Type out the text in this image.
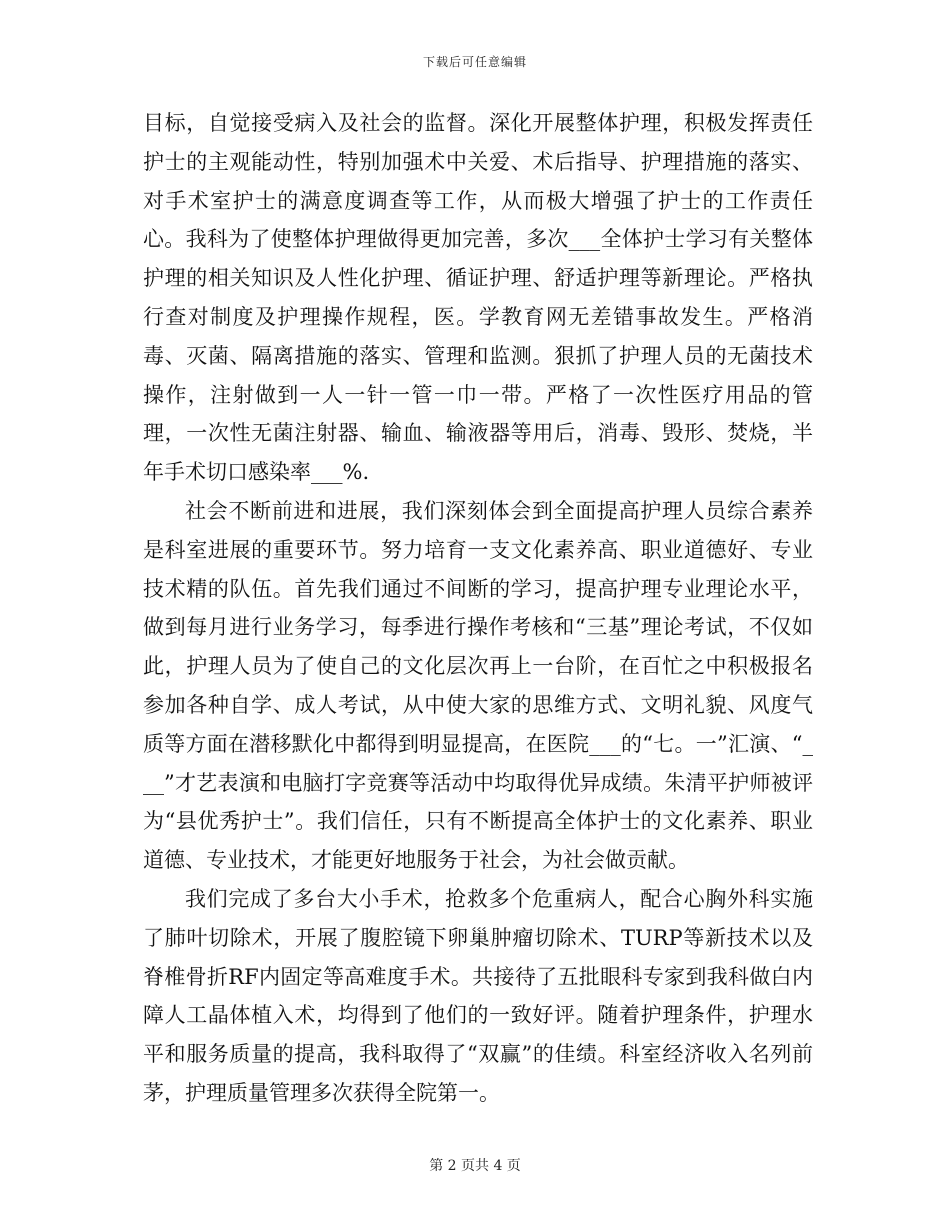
下载后可任意编辑

目标，自觉接受病入及社会的监督。深化开展整体护理，积极发挥责任护士的主观能动性，特别加强术中关爱、术后指导、护理措施的落实、对手术室护士的满意度调查等工作，从而极大增强了护士的工作责任心。我科为了使整体护理做得更加完善，多次___全体护士学习有关整体护理的相关知识及人性化护理、循证护理、舒适护理等新理论。严格执行查对制度及护理操作规程，医。学教育网无差错事故发生。严格消毒、灭菌、隔离措施的落实、管理和监测。狠抓了护理人员的无菌技术操作，注射做到一人一针一管一巾一带。严格了一次性医疗用品的管理，一次性无菌注射器、输血、输液器等用后，消毒、毁形、焚烧，半年手术切口感染率___%.

社会不断前进和进展，我们深刻体会到全面提高护理人员综合素养是科室进展的重要环节。努力培育一支文化素养高、职业道德好、专业技术精的队伍。首先我们通过不间断的学习，提高护理专业理论水平，做到每月进行业务学习，每季进行操作考核和“三基”理论考试，不仅如此，护理人员为了使自己的文化层次再上一台阶，在百忙之中积极报名参加各种自学、成人考试，从中使大家的思维方式、文明礼貌、风度气质等方面在潜移默化中都得到明显提高，在医院___的“七。一”汇演、“___”才艺表演和电脑打字竞赛等活动中均取得优异成绩。朱清平护师被评为“县优秀护士”。我们信任，只有不断提高全体护士的文化素养、职业道德、专业技术，才能更好地服务于社会，为社会做贡献。

我们完成了多台大小手术，抢救多个危重病人，配合心胸外科实施了肺叶切除术，开展了腹腔镜下卵巢肿瘤切除术、TURP等新技术以及脊椎骨折RF内固定等高难度手术。共接待了五批眼科专家到我科做白内障人工晶体植入术，均得到了他们的一致好评。随着护理条件，护理水平和服务质量的提高，我科取得了“双赢”的佳绩。科室经济收入名列前茅，护理质量管理多次获得全院第一。

第 2 页共 4 页
